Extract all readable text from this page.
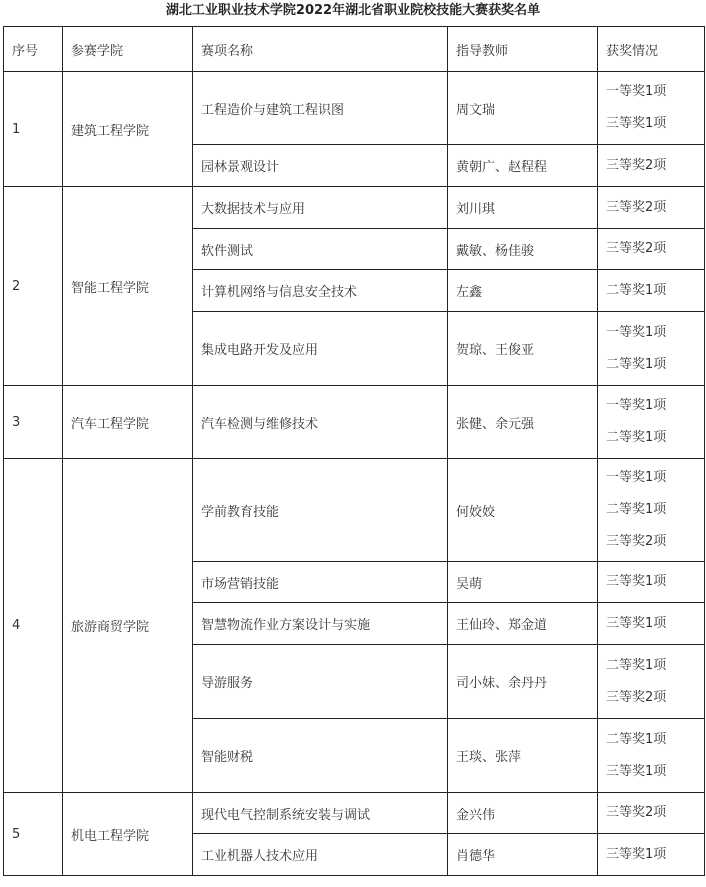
湖北工业职业技术学院2022年湖北省职业院校技能大赛获奖名单
序号	参赛学院	赛项名称	指导教师	获奖情况
1	建筑工程学院	工程造价与建筑工程识图	周文瑞	一等奖1项
三等奖1项

		园林景观设计	黄朝广、赵程程	三等奖2项

2	智能工程学院	大数据技术与应用	刘川琪	三等奖2项

		软件测试	戴敏、杨佳骏	三等奖2项

		计算机网络与信息安全技术	左鑫	二等奖1项

		集成电路开发及应用	贺琼、王俊亚	一等奖1项
二等奖1项

3	汽车工程学院	汽车检测与维修技术	张健、余元强	一等奖1项
二等奖1项

4	旅游商贸学院	学前教育技能	何姣姣	一等奖1项
二等奖1项
三等奖2项

		市场营销技能	吴萌	三等奖1项

		智慧物流作业方案设计与实施	王仙玲、郑金道	三等奖1项

		导游服务	司小妹、余丹丹	二等奖1项
三等奖2项

		智能财税	王琰、张萍	二等奖1项
三等奖1项

5	机电工程学院	现代电气控制系统安装与调试	金兴伟	三等奖2项

		工业机器人技术应用	肖德华	三等奖1项
